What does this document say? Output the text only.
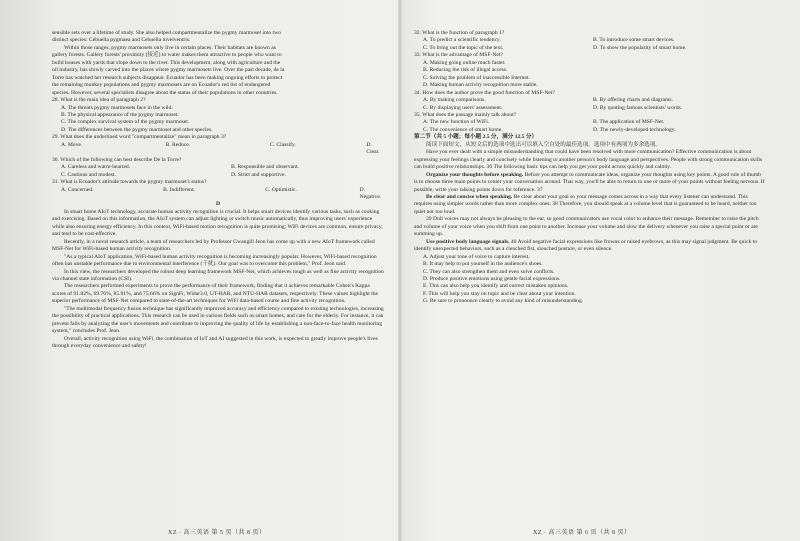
sensible sets over a lifetime of study. She also helped compartmentalize the pygmy marmoset into two

distinct species: Cebuella pygmaea and Cebuella niveiventris.

Within those ranges, pygmy marmosets only live in certain places. Their habitats are known as

gallery forests. Gallery forests' proximity (接近) to water makes them attractive to people who want to

build houses with yards that slope down to the river. This development, along with agriculture and the

oil industry, has slowly carved into the places where pygmy marmosets live. Over the past decade, de la

Torre has watched her research subjects disappear. Ecuador has been making ongoing efforts to protect

the remaining monkey populations and pygmy marmosets are on Ecuador's red list of endangered

species. However, several specialists disagree about the status of their populations in other countries.

28. What is the main idea of paragraph 2?

A. The threats pygmy marmosets face in the wild.

B. The physical appearance of the pygmy marmoset.

C. The complex survival system of the pygmy marmoset.

D. The differences between the pygmy marmoset and other species.

29. What does the underlined word "compartmentalize" mean in paragraph 3?

A. Move.	B. Reduce.	C. Classify.	D. Clear.

30. Which of the following can best describe De la Torre?

A. Careless and warm-hearted.	B. Responsible and observant.
C. Cautious and modest.	D. Strict and supportive.

31. What is Ecuador's attitude towards the pygmy marmoset's status?

A. Concerned.	B. Indifferent.	C. Optimistic.	D. Negative.

D

In smart home AIoT technology, accurate human activity recognition is crucial. It helps smart devices identify various tasks, such as cooking and exercising. Based on this information, the AIoT system can adjust lighting or switch music automatically, thus improving users' experience while also ensuring energy efficiency. In this context, WiFi-based motion recognition is quite promising; WiFi devices are common, ensure privacy, and tend to be cost-effective.

Recently, in a novel research article, a team of researchers led by Professor Gwangill Jeon has come up with a new AIoT framework called MSF-Net for WiFi-based human activity recognition.

"As a typical AIoT application, WiFi-based human activity recognition is becoming increasingly popular. However, WiFi-based recognition often has unstable performance due to environmental interference (干扰). Our goal was to overcome this problem," Prof. Jeon said.

In this view, the researchers developed the robust deep learning framework MSF-Net, which achieves tough as well as fine activity recognition via channel state information (CSI).

The researchers performed experiments to prove the performance of their framework, finding that it achieves remarkable Cohen's Kappa scores of 91.82%, 69.76%, 85.91%, and 75.66% on SignFi, Widar3.0, UT-HAR, and NTU-HAR datasets, respectively. These values highlight the superior performance of MSF-Net compared to state-of-the-art techniques for WiFi data-based course and fine activity recognition.

"The multimodal frequency fusion technique has significantly improved accuracy and efficiency compared to existing technologies, increasing the possibility of practical applications. This research can be used in various fields such as smart homes, and care for the elderly. For instance, it can prevent falls by analyzing the user's movements and contribute to improving the quality of life by establishing a non-face-to-face health monitoring system," concludes Prof. Jeon.

Overall, activity recognition using WiFi, the combination of IoT and AI suggested in this work, is expected to greatly improve people's lives through everyday convenience and safety!

32. What is the function of paragraph 1?

A. To predict a scientific tendency.	B. To introduce some smart devices.
C. To bring out the topic of the text.	D. To show the popularity of smart home.

33. What is the advantage of MSF-Net?

A. Making going online much faster.

B. Reducing the risk of illegal access.

C. Solving the problem of inaccessible Internet.

D. Making human activity recognition more stable.

34. How does the author prove the good function of MSF-Net?

A. By making comparisons.	B. By offering charts and diagrams.
C. By displaying users' assessment.	D. By quoting famous scientists' words.

35. What does the passage mainly talk about?

A. The new function of WiFi.	B. The application of MSF-Net.
C. The convenience of smart home.	D. The newly-developed technology.

第二节（共 5 小题；每小题 2.5 分，满分 12.5 分）

阅读下面短文，从短文后的选项中选出可以填入空白处的最佳选项。选项中有两项为多余选项。

Have you ever dealt with a simple misunderstanding that could have been resolved with more communication? Effective communication is about expressing your feelings clearly and concisely while listening to another person's body language and perspectives. People with strong communication skills can build positive relationships. 36 The following basic tips can help you get your point across quickly and calmly.

Organize your thoughts before speaking. Before you attempt to communicate ideas, organize your thoughts using key points. A good rule of thumb is to choose three main points to center your conversation around. That way, you'll be able to return to one or more of your points without feeling nervous. If possible, write your talking points down for reference. 37

Be clear and concise when speaking. Be clear about your goal so your message comes across in a way that every listener can understand. This requires using simpler words rather than more complex ones. 38 Therefore, you should speak at a volume level that is guaranteed to be heard, neither too quiet nor too loud.

39 Dull voices may not always be pleasing to the ear, so good communicators use vocal color to enhance their message. Remember to raise the pitch and volume of your voice when you shift from one point to another. Increase your volume and slow the delivery whenever you raise a special point or are summing up.

Use positive body language signals. 40 Avoid negative facial expressions like frowns or raised eyebrows, as this may signal judgment. Be quick to identify unexpected behaviors, such as a clenched fist, slouched posture, or even silence.

A. Adjust your tone of voice to capture interest.

B. It may help to put yourself in the audience's shoes.

C. They can also strengthen them and even solve conflicts.

D. Produce positive emotions using gentle facial expressions.

E. This can also help you identify and correct mistaken opinions.

F. This will help you stay on topic and be clear about your intention.

G. Be sure to pronounce clearly to avoid any kind of misunderstanding.

XZ · 高三英语 第 5 页（共 8 页）	XZ · 高三英语 第 6 页（共 8 页）
